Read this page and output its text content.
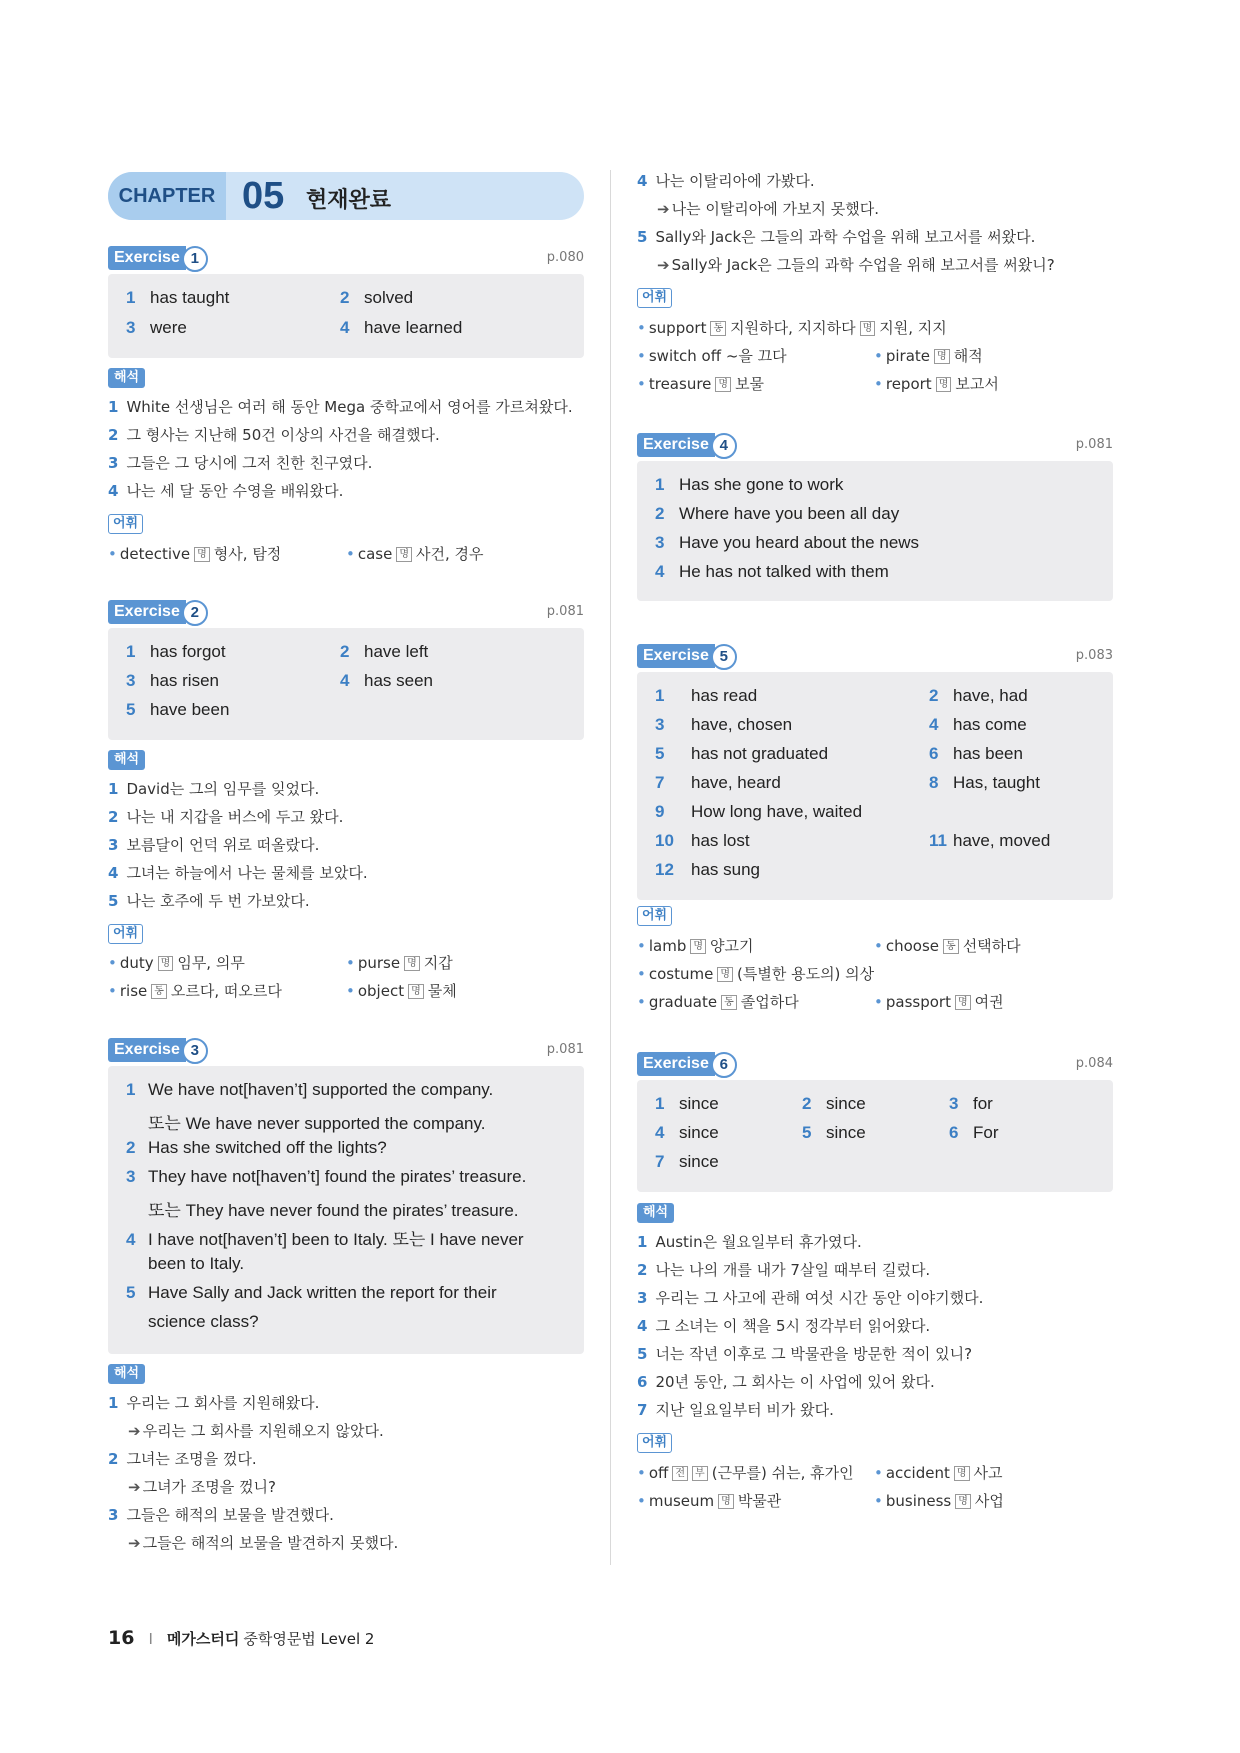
CHAPTER 05 현재완료
Exercise 1	p.080
1 has taught	2 solved
3 were	4 have learned
해석
1 White 선생님은 여러 해 동안 Mega 중학교에서 영어를 가르쳐왔다.
2 그 형사는 지난해 50건 이상의 사건을 해결했다.
3 그들은 그 당시에 그저 친한 친구였다.
4 나는 세 달 동안 수영을 배워왔다.
어휘
• detective 명 형사, 탐정	• case 명 사건, 경우
Exercise 2	p.081
1 has forgot	2 have left
3 has risen	4 has seen
5 have been
해석
1 David는 그의 임무를 잊었다.
2 나는 내 지갑을 버스에 두고 왔다.
3 보름달이 언덕 위로 떠올랐다.
4 그녀는 하늘에서 나는 물체를 보았다.
5 나는 호주에 두 번 가보았다.
어휘
• duty 명 임무, 의무	• purse 명 지갑
• rise 동 오르다, 떠오르다	• object 명 물체
Exercise 3	p.081
1 We have not[haven’t] supported the company.
또는 We have never supported the company.
2 Has she switched off the lights?
3 They have not[haven’t] found the pirates’ treasure.
또는 They have never found the pirates’ treasure.
4 I have not[haven’t] been to Italy. 또는 I have never
been to Italy.
5 Have Sally and Jack written the report for their
science class?
해석
1 우리는 그 회사를 지원해왔다.
➔ 우리는 그 회사를 지원해오지 않았다.
2 그녀는 조명을 껐다.
➔ 그녀가 조명을 껐니?
3 그들은 해적의 보물을 발견했다.
➔ 그들은 해적의 보물을 발견하지 못했다.
4 나는 이탈리아에 가봤다.
➔ 나는 이탈리아에 가보지 못했다.
5 Sally와 Jack은 그들의 과학 수업을 위해 보고서를 써왔다.
➔ Sally와 Jack은 그들의 과학 수업을 위해 보고서를 써왔니?
어휘
• support 동 지원하다, 지지하다 명 지원, 지지
• switch off ~을 끄다	• pirate 명 해적
• treasure 명 보물	• report 명 보고서
Exercise 4	p.081
1 Has she gone to work
2 Where have you been all day
3 Have you heard about the news
4 He has not talked with them
Exercise 5	p.083
1 has read	2 have, had
3 have, chosen	4 has come
5 has not graduated	6 has been
7 have, heard	8 Has, taught
9 How long have, waited
10 has lost	11 have, moved
12 has sung
어휘
• lamb 명 양고기	• choose 동 선택하다
• costume 명 (특별한 용도의) 의상
• graduate 동 졸업하다	• passport 명 여권
Exercise 6	p.084
1 since	2 since	3 for
4 since	5 since	6 For
7 since
해석
1 Austin은 월요일부터 휴가였다.
2 나는 나의 개를 내가 7살일 때부터 길렀다.
3 우리는 그 사고에 관해 여섯 시간 동안 이야기했다.
4 그 소녀는 이 책을 5시 정각부터 읽어왔다.
5 너는 작년 이후로 그 박물관을 방문한 적이 있니?
6 20년 동안, 그 회사는 이 사업에 있어 왔다.
7 지난 일요일부터 비가 왔다.
어휘
• off 전 부 (근무를) 쉬는, 휴가인 • accident 명 사고
• museum 명 박물관	• business 명 사업
16 I 메가스터디 중학영문법 Level 2
